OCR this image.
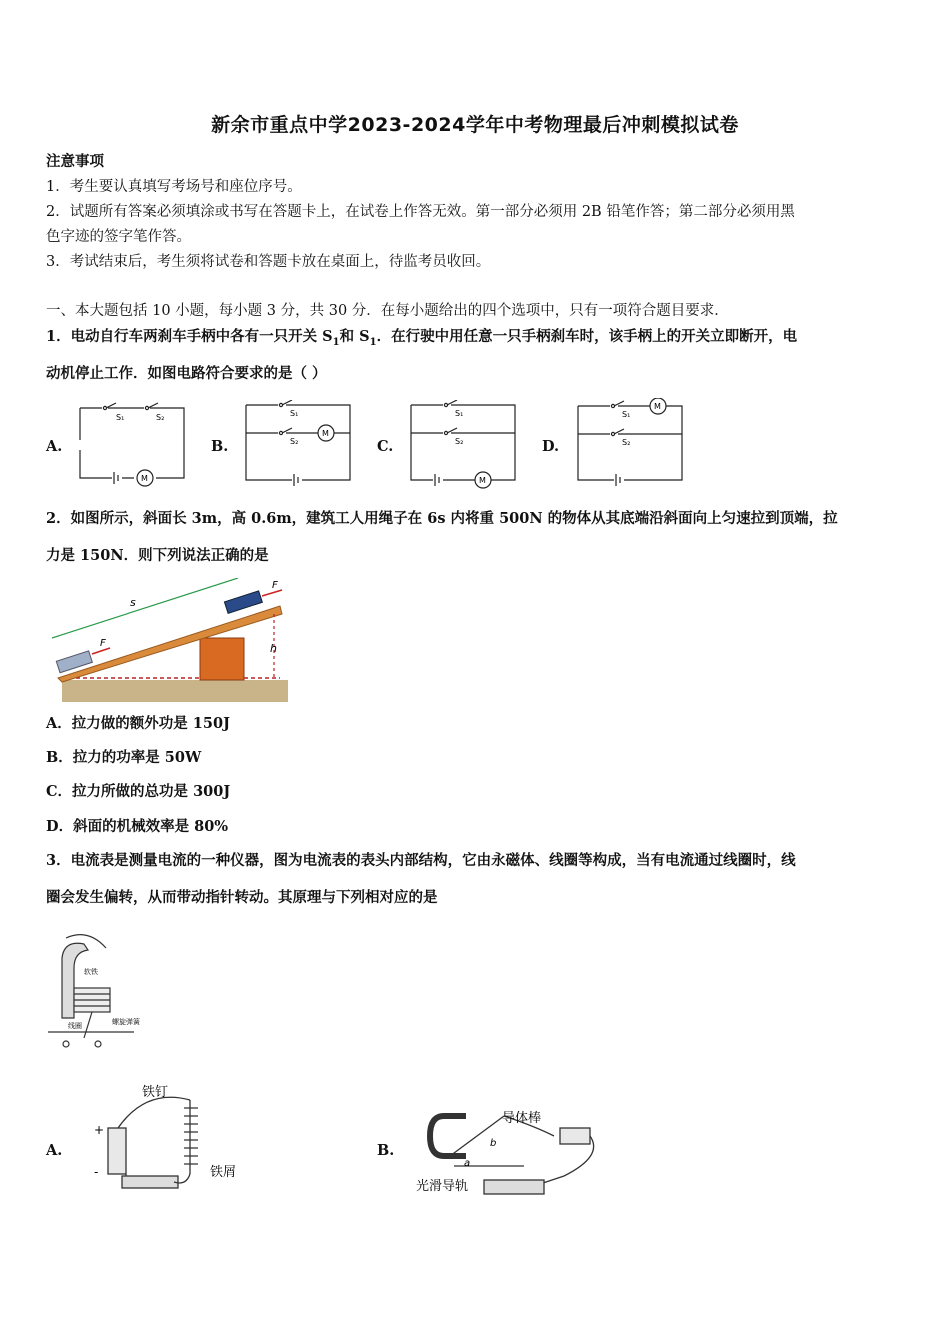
新余市重点中学2023-2024学年中考物理最后冲刺模拟试卷
注意事项
1．考生要认真填写考场号和座位序号。
2．试题所有答案必须填涂或书写在答题卡上，在试卷上作答无效。第一部分必须用 2B 铅笔作答；第二部分必须用黑
色字迹的签字笔作答。
3．考试结束后，考生须将试卷和答题卡放在桌面上，待监考员收回。
一、本大题包括 10 小题，每小题 3 分，共 30 分．在每小题给出的四个选项中，只有一项符合题目要求．
1．电动自行车两刹车手柄中各有一只开关 $S_1$和 $S_1$．在行驶中用任意一只手柄刹车时，该手柄上的开关立即断开，电
动机停止工作．如图电路符合要求的是（ ）
A.	B.	C.	D.
S₁	S₂
M
S₁
S₂
M
S₁
S₂
M
S₁
S₂
M
2．如图所示，斜面长 3m，高 0.6m，建筑工人用绳子在 6s 内将重 500N 的物体从其底端沿斜面向上匀速拉到顶端，拉
力是 150N．则下列说法正确的是
h
s
F
F
A．拉力做的额外功是 150J
B．拉力的功率是 50W
C．拉力所做的总功是 300J
D．斜面的机械效率是 80%
3．电流表是测量电流的一种仪器，图为电流表的表头内部结构，它由永磁体、线圈等构成，当有电流通过线圈时，线
圈会发生偏转，从而带动指针转动。其原理与下列相对应的是
软铁
螺旋弹簧
线圈
A.
铁钉
铁屑
+
-
B.
导体棒
光滑导轨
b
a
